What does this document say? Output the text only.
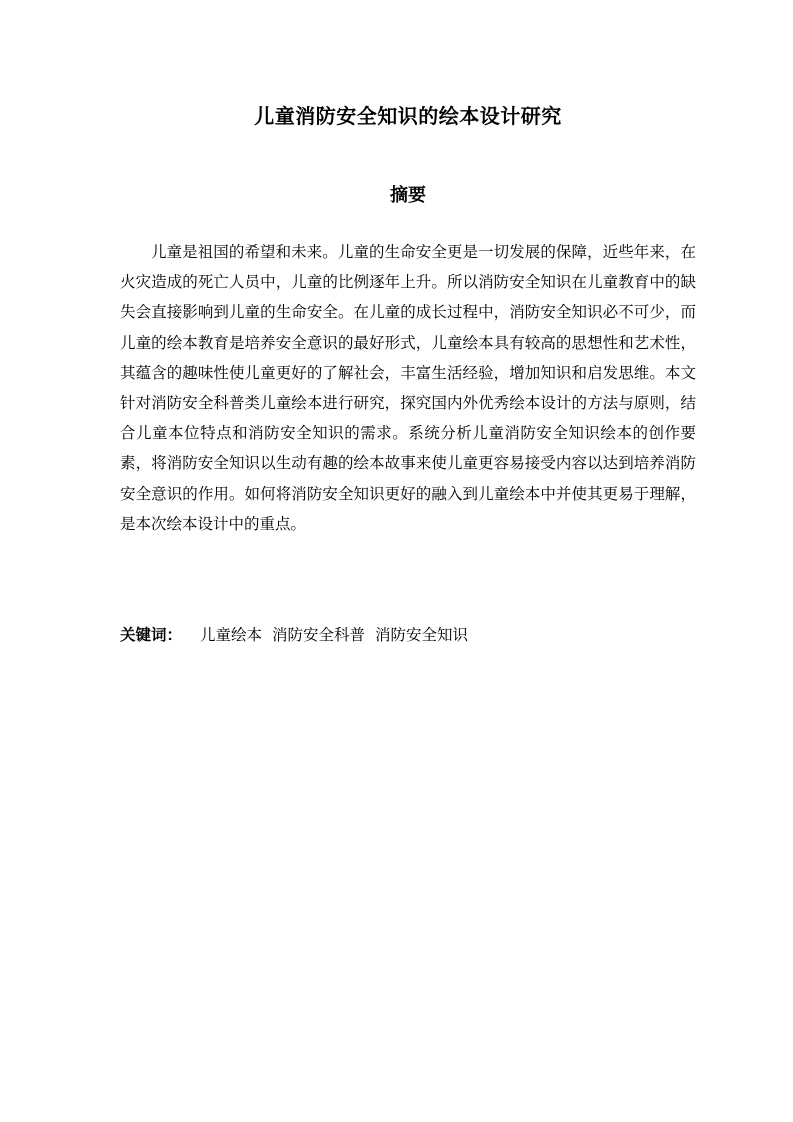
儿童消防安全知识的绘本设计研究
摘要
儿童是祖国的希望和未来。儿童的生命安全更是一切发展的保障，近些年来，在火灾造成的死亡人员中，儿童的比例逐年上升。所以消防安全知识在儿童教育中的缺失会直接影响到儿童的生命安全。在儿童的成长过程中，消防安全知识必不可少，而儿童的绘本教育是培养安全意识的最好形式，儿童绘本具有较高的思想性和艺术性，其蕴含的趣味性使儿童更好的了解社会，丰富生活经验，增加知识和启发思维。本文针对消防安全科普类儿童绘本进行研究，探究国内外优秀绘本设计的方法与原则，结合儿童本位特点和消防安全知识的需求。系统分析儿童消防安全知识绘本的创作要素，将消防安全知识以生动有趣的绘本故事来使儿童更容易接受内容以达到培养消防安全意识的作用。如何将消防安全知识更好的融入到儿童绘本中并使其更易于理解，是本次绘本设计中的重点。
关键词： 儿童绘本 消防安全科普 消防安全知识
